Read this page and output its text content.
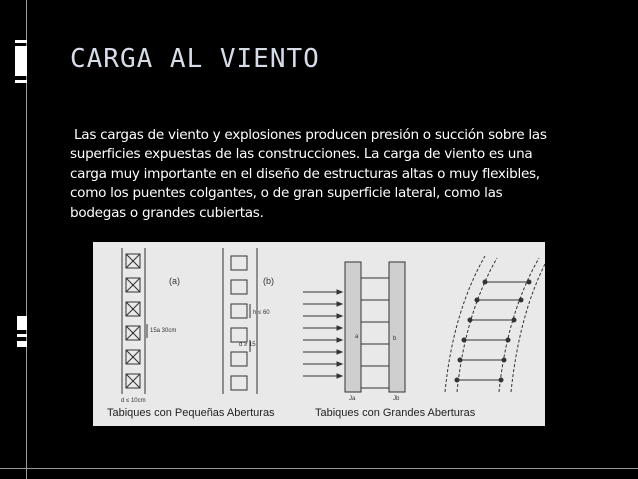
CARGA AL VIENTO
Las cargas de viento y explosiones producen presión o succión sobre las
superficies expuestas de las construcciones. La carga de viento es una
carga muy importante en el diseño de estructuras altas o muy flexibles,
como los puentes colgantes, o de gran superficie lateral, como las
bodegas o grandes cubiertas.
(a)
15a 30cm
d ≤ 10cm
(b)
h ≤ 60
d ≥ 15
a	b
Ja	Jb
Tabiques con Pequeñas Aberturas	Tabiques con Grandes Aberturas
